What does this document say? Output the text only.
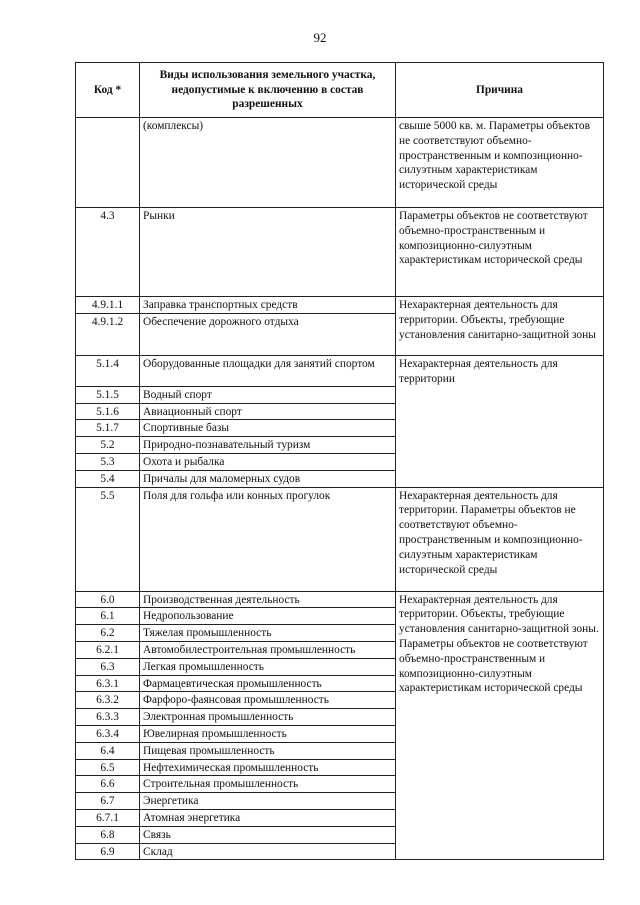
92
Код *	Виды использования земельного участка, недопустимые к включению в состав разрешенных	Причина
	(комплексы)	свыше 5000 кв. м. Параметры объектов не соответствуют объемно-пространственным и композиционно-силуэтным характеристикам исторической среды
4.3	Рынки	Параметры объектов не соответствуют объемно-пространственным и композиционно-силуэтным характеристикам исторической среды
4.9.1.1	Заправка транспортных средств	Нехарактерная деятельность для территории. Объекты, требующие установления санитарно-защитной зоны
4.9.1.2	Обеспечение дорожного отдыха	
5.1.4	Оборудованные площадки для занятий спортом	Нехарактерная деятельность для территории
5.1.5	Водный спорт	
5.1.6	Авиационный спорт	
5.1.7	Спортивные базы	
5.2	Природно-познавательный туризм	
5.3	Охота и рыбалка	
5.4	Причалы для маломерных судов	
5.5	Поля для гольфа или конных прогулок	Нехарактерная деятельность для территории. Параметры объектов не соответствуют объемно-пространственным и композиционно-силуэтным характеристикам исторической среды
6.0	Производственная деятельность	Нехарактерная деятельность для территории. Объекты, требующие установления санитарно-защитной зоны. Параметры объектов не соответствуют объемно-пространственным и композиционно-силуэтным характеристикам исторической среды
6.1	Недропользование	
6.2	Тяжелая промышленность	
6.2.1	Автомобилестроительная промышленность	
6.3	Легкая промышленность	
6.3.1	Фармацевтическая промышленность	
6.3.2	Фарфоро-фаянсовая промышленность	
6.3.3	Электронная промышленность	
6.3.4	Ювелирная промышленность	
6.4	Пищевая промышленность	
6.5	Нефтехимическая промышленность	
6.6	Строительная промышленность	
6.7	Энергетика	
6.7.1	Атомная энергетика	
6.8	Связь	
6.9	Склад	
